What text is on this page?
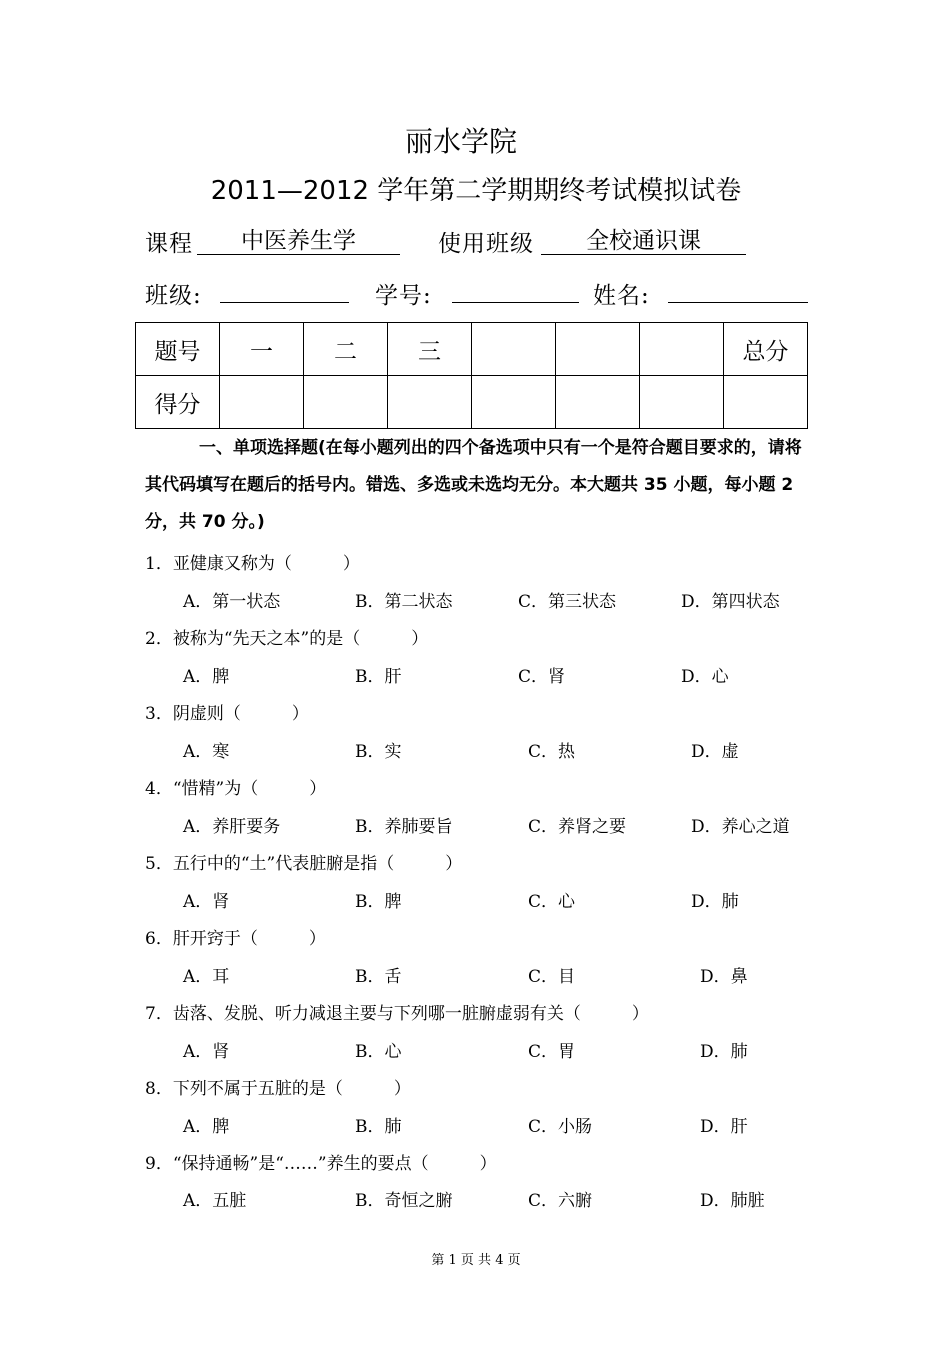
丽水学院
2011—2012 学年第二学期期终考试模拟试卷
课程	中医养生学	使用班级	全校通识课
班级:	学号:	姓名:
题号	一	二	三				总分
得分							
一、单项选择题(在每小题列出的四个备选项中只有一个是符合题目要求的，请将其代码填写在题后的括号内。错选、多选或未选均无分。本大题共 35 小题，每小题 2 分，共 70 分。)
1．亚健康又称为（　　　）
A．第一状态	B．第二状态	C．第三状态	D．第四状态
2．被称为“先天之本”的是（　　　）
A．脾	B．肝	C．肾	D．心
3．阴虚则（　　　）
A．寒	B．实	C．热	D．虚
4．“惜精”为（　　　）
A．养肝要务	B．养肺要旨	C．养肾之要	D．养心之道
5．五行中的“土”代表脏腑是指（　　　）
A．肾	B．脾	C．心	D．肺
6．肝开窍于（　　　）
A．耳	B．舌	C．目	D．鼻
7．齿落、发脱、听力减退主要与下列哪一脏腑虚弱有关（　　　）
A．肾	B．心	C．胃	D．肺
8．下列不属于五脏的是（　　　）
A．脾	B．肺	C．小肠	D．肝
9．“保持通畅”是“……”养生的要点（　　　）
A．五脏	B．奇恒之腑	C．六腑	D．肺脏
第 1 页 共 4 页
